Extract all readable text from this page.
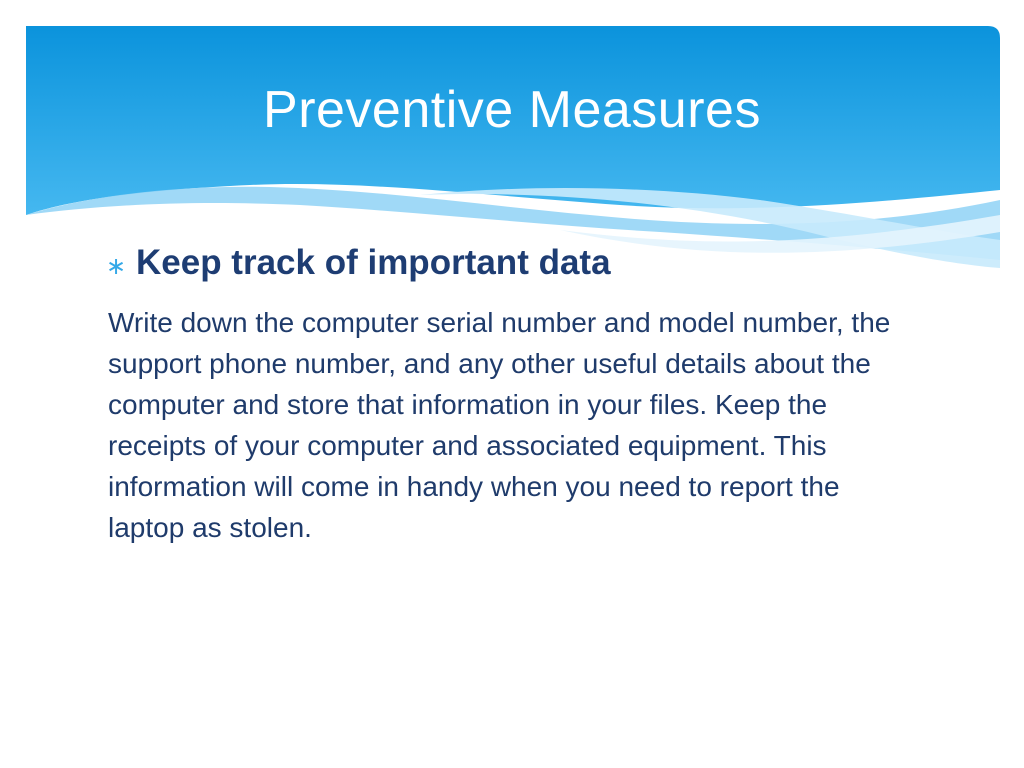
Preventive Measures
∗ Keep track of important data
Write down the computer serial number and model number, the support phone number, and any other useful details about the computer and store that information in your files. Keep the receipts of your computer and associated equipment. This information will come in handy when you need to report the laptop as stolen.
